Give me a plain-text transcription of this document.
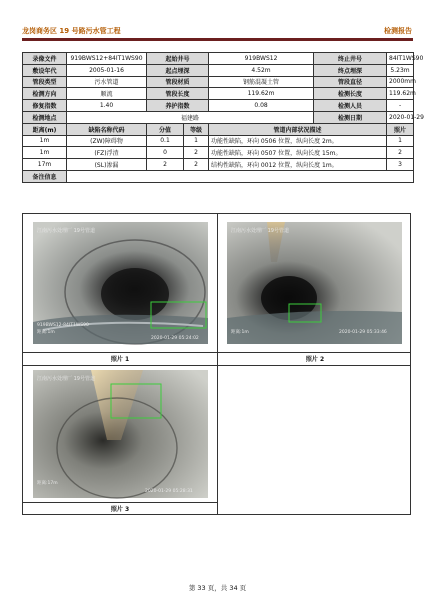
龙岗商务区 19 号路污水管工程	检测报告
录像文件	919BWS12+84IT1WS90	起始井号		919BWS12	终止井号	84IT1WS90
敷设年代	2005-01-16	起点埋深		4.52m	终点埋深	5.23m
管段类型	污水管道	管段材质		钢筋混凝土管	管段直径	2000mm
检测方向	顺流	管段长度		119.62m	检测长度	119.62m
修复指数	1.40	养护指数		0.08	检测人员	-
检测地点	福建路				检测日期	2020-01-29
距离(m)	缺陷名称代码	分值	等级	管道内部状况描述		照片
1m	(ZW)障碍物	0.1	1	功能性缺陷，环向 0506 位置，纵向长度 2m。		1
1m	(FZ)浮渣	0	2	功能性缺陷，环向 0507 位置，纵向长度 15m。		2
17m	(SL)渗漏	2	2	结构性缺陷，环向 0012 位置，纵向长度 1m。		3
备注信息						
江南污水处理厂 19号管道
919BWS12-84IT1WS90
距离:1m
2020-01-29 05:24:02
江南污水处理厂 19号管道
距离:1m	2020-01-29 05:33:46
照片 1	照片 2
江南污水处理厂 19号管道
距离:17m
2020-01-29 05:28:31
照片 3
第 33 页，共 34 页
